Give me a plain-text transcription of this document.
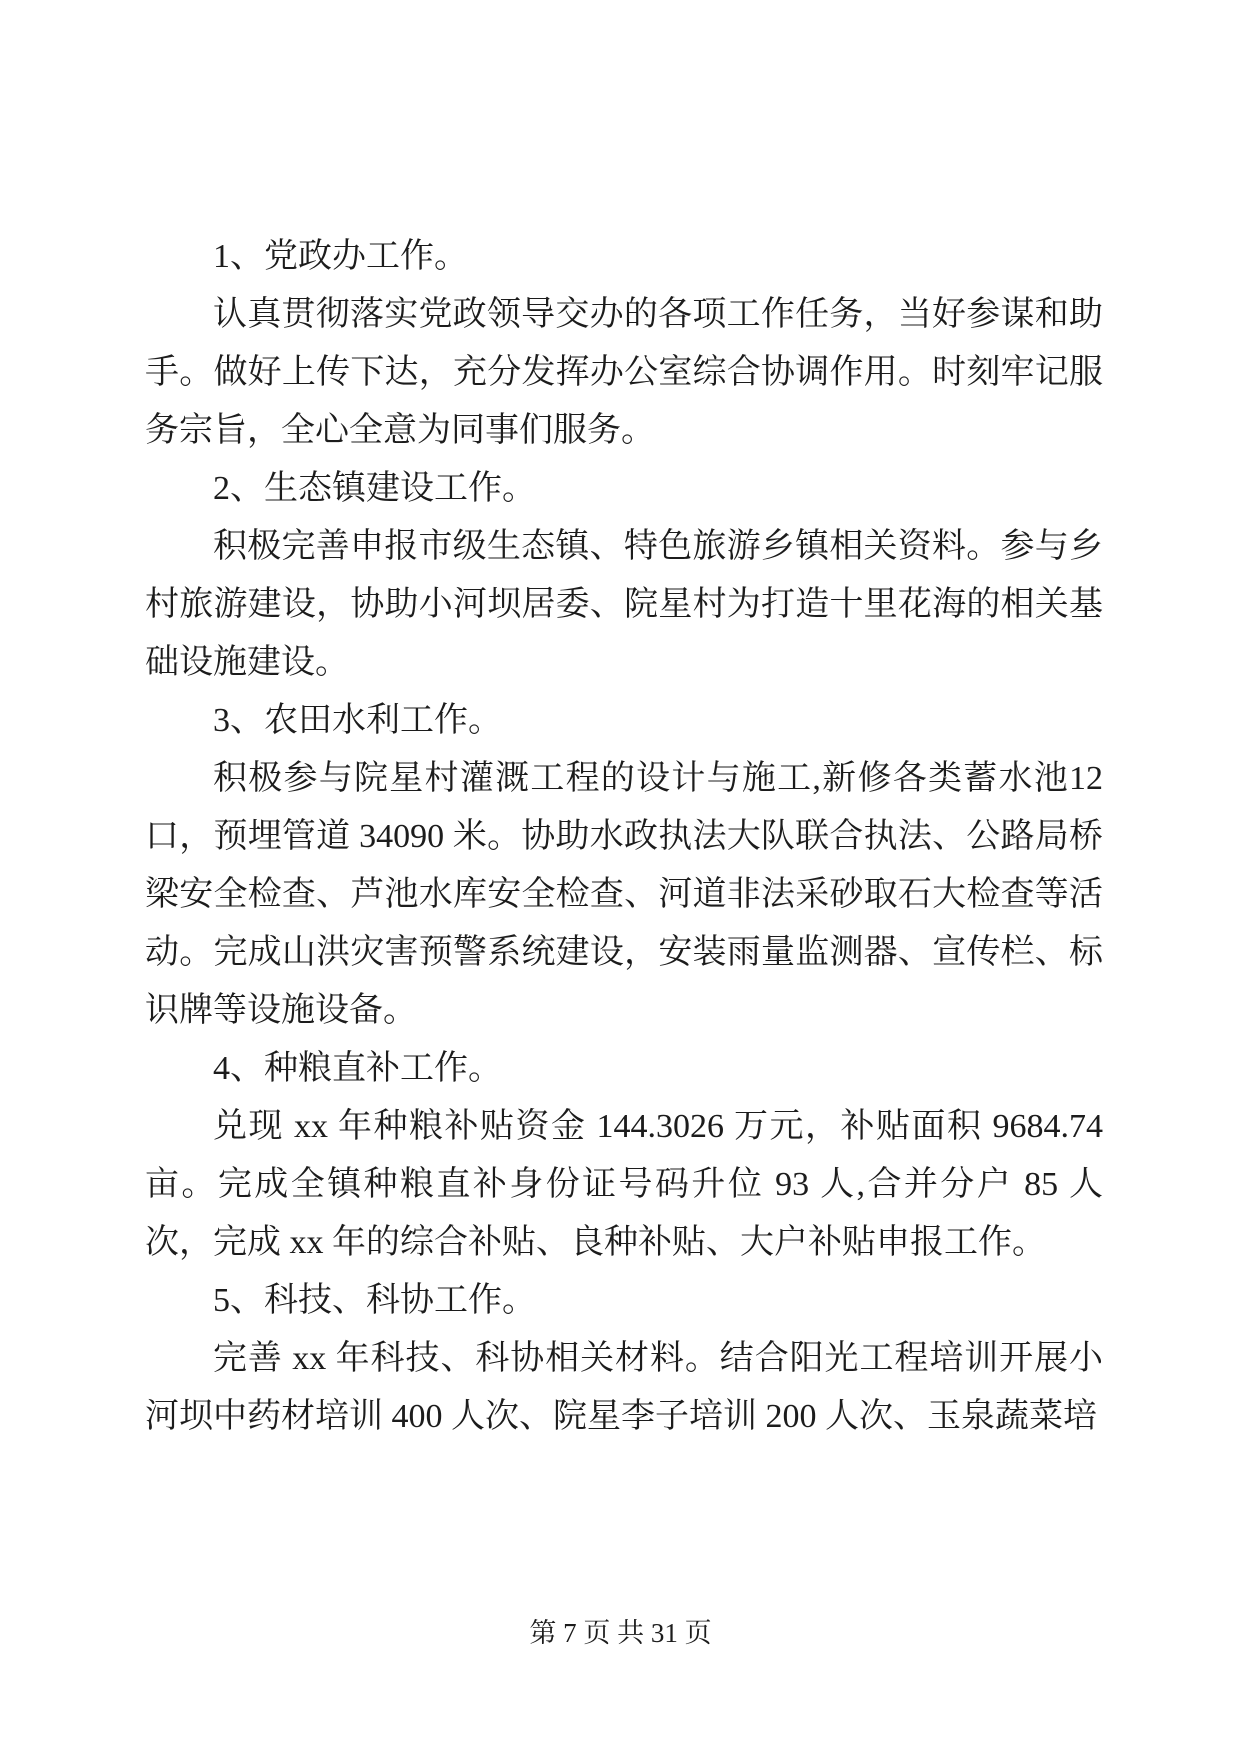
1、党政办工作。

认真贯彻落实党政领导交办的各项工作任务，当好参谋和助手。做好上传下达，充分发挥办公室综合协调作用。时刻牢记服务宗旨，全心全意为同事们服务。

2、生态镇建设工作。

积极完善申报市级生态镇、特色旅游乡镇相关资料。参与乡村旅游建设，协助小河坝居委、院星村为打造十里花海的相关基础设施建设。

3、农田水利工作。

积极参与院星村灌溉工程的设计与施工,新修各类蓄水池12口，预埋管道 34090 米。协助水政执法大队联合执法、公路局桥梁安全检查、芦池水库安全检查、河道非法采砂取石大检查等活动。完成山洪灾害预警系统建设，安装雨量监测器、宣传栏、标识牌等设施设备。

4、种粮直补工作。

兑现 xx 年种粮补贴资金 144.3026 万元，补贴面积 9684.74亩。完成全镇种粮直补身份证号码升位 93 人,合并分户 85 人次，完成 xx 年的综合补贴、良种补贴、大户补贴申报工作。

5、科技、科协工作。

完善 xx 年科技、科协相关材料。结合阳光工程培训开展小河坝中药材培训 400 人次、院星李子培训 200 人次、玉泉蔬菜培

第 7 页 共 31 页
